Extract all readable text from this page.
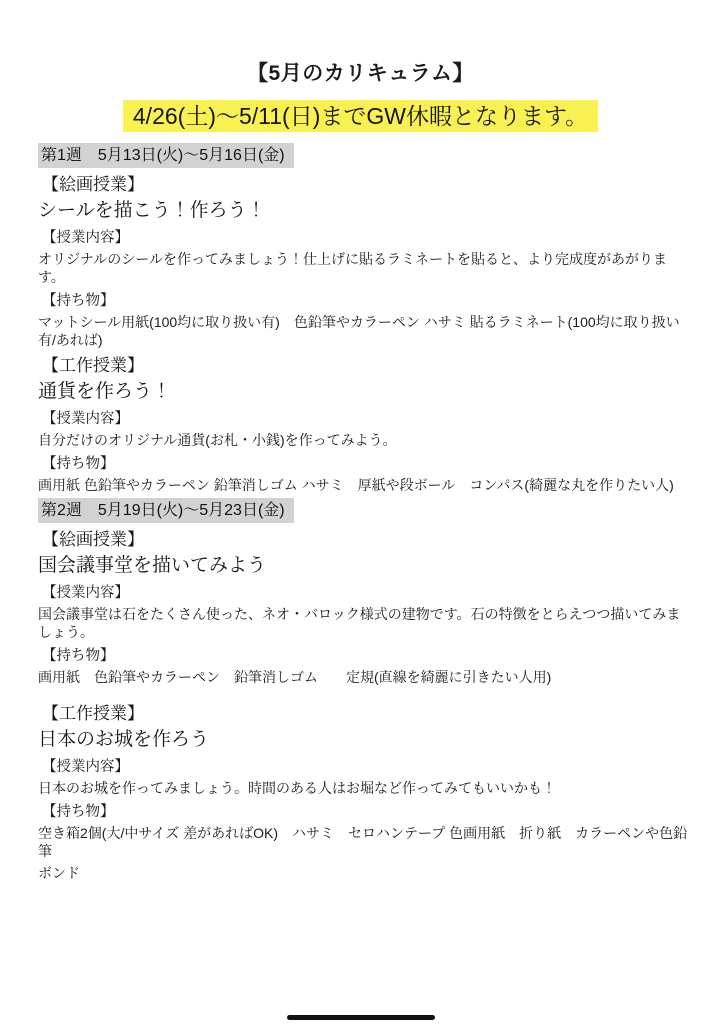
【5月のカリキュラム】
4/26(土)〜5/11(日)までGW休暇となります。
第1週　5月13日(火)〜5月16日(金)
【絵画授業】
シールを描こう！作ろう！
【授業内容】
オリジナルのシールを作ってみましょう！仕上げに貼るラミネートを貼ると、より完成度があがります。
【持ち物】
マットシール用紙(100均に取り扱い有)　色鉛筆やカラーペン ハサミ 貼るラミネート(100均に取り扱い有/あれば)
【工作授業】
通貨を作ろう！
【授業内容】
自分だけのオリジナル通貨(お札・小銭)を作ってみよう。
【持ち物】
画用紙 色鉛筆やカラーペン 鉛筆消しゴム ハサミ　厚紙や段ボール　コンパス(綺麗な丸を作りたい人)
第2週　5月19日(火)〜5月23日(金)
【絵画授業】
国会議事堂を描いてみよう
【授業内容】
国会議事堂は石をたくさん使った、ネオ・バロック様式の建物です。石の特徴をとらえつつ描いてみましょう。
【持ち物】
画用紙　色鉛筆やカラーペン　鉛筆消しゴム　　定規(直線を綺麗に引きたい人用)
【工作授業】
日本のお城を作ろう
【授業内容】
日本のお城を作ってみましょう。時間のある人はお堀など作ってみてもいいかも！
【持ち物】
空き箱2個(大/中サイズ 差があればOK)　ハサミ　セロハンテープ 色画用紙　折り紙　カラーペンや色鉛筆
ボンド
